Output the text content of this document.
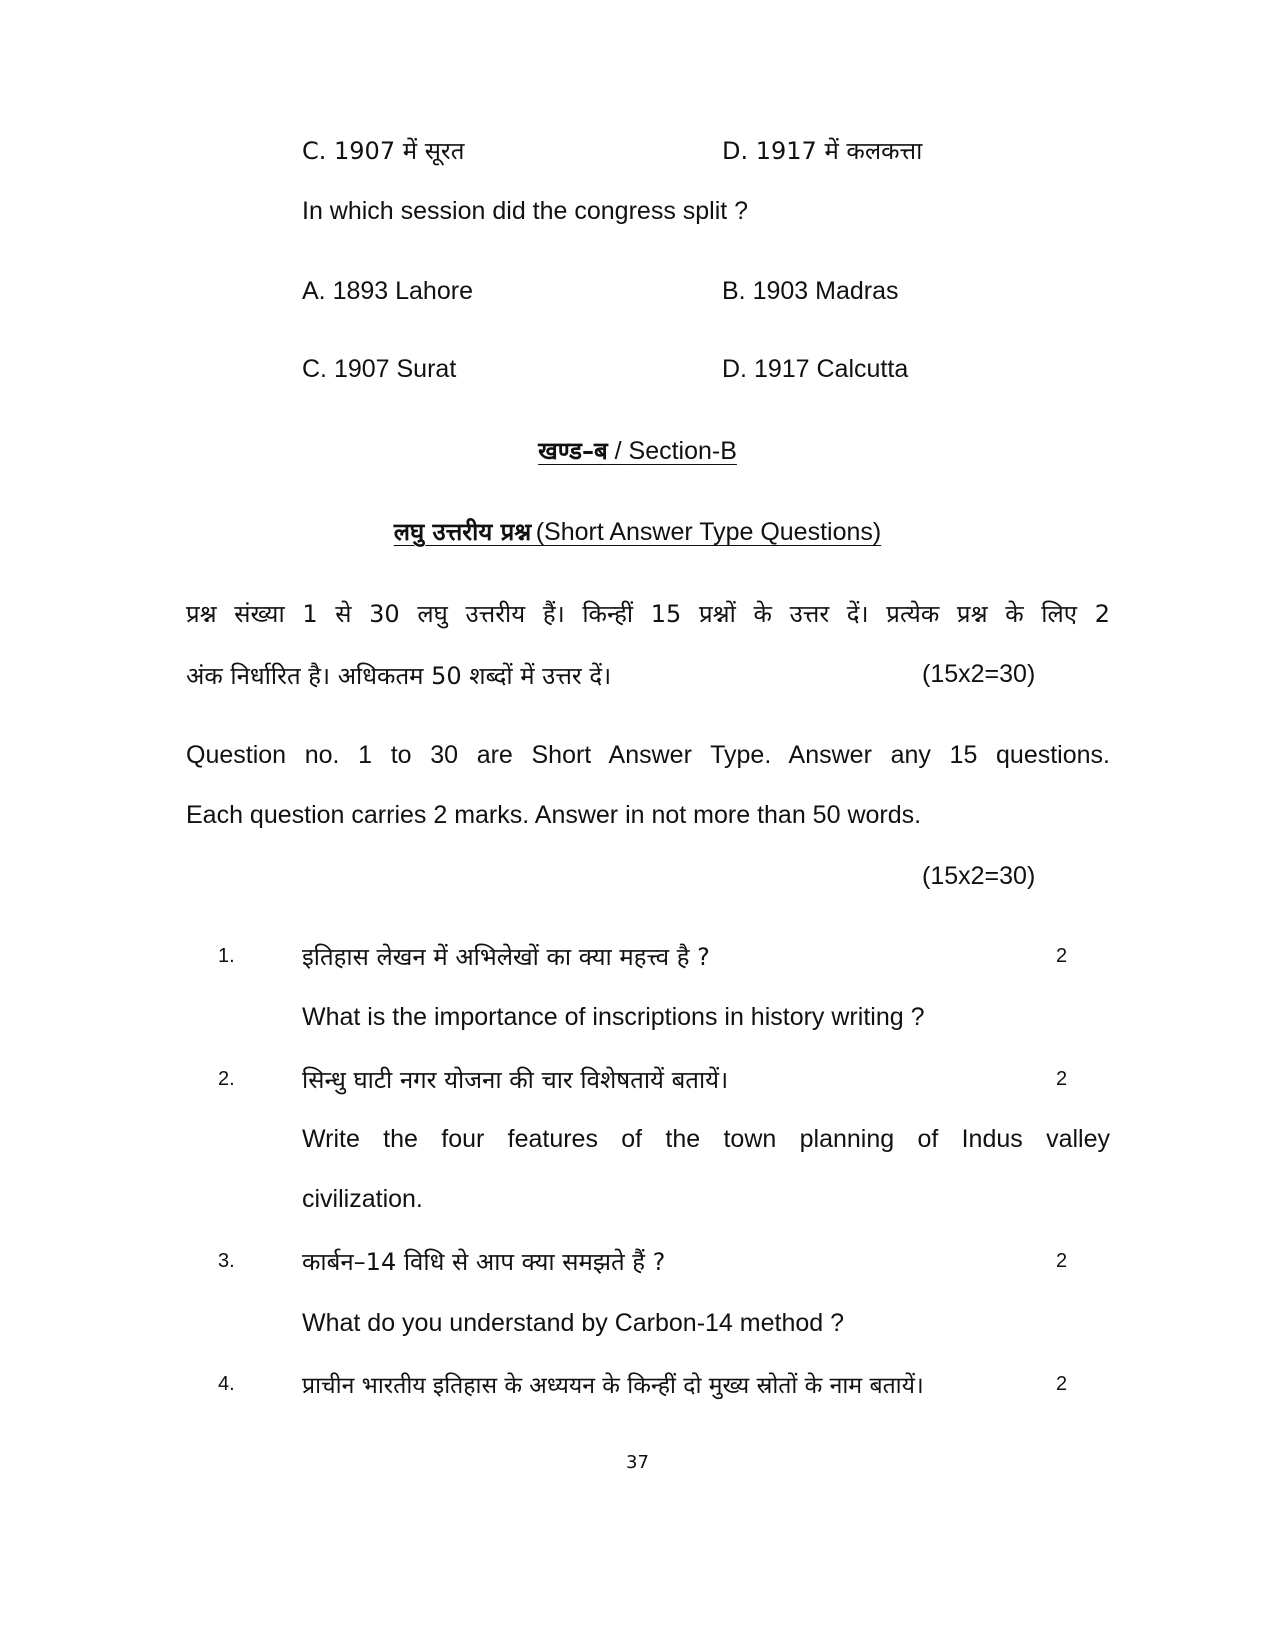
C. 1907 में सूरत	D. 1917 में कलकत्ता
In which session did the congress split ?
A. 1893 Lahore	B. 1903 Madras
C. 1907 Surat	D. 1917 Calcutta
खण्ड–ब / Section-B
लघु उत्तरीय प्रश्न (Short Answer Type Questions)
प्रश्न संख्या 1 से 30 लघु उत्तरीय हैं। किन्हीं 15 प्रश्नों के उत्तर दें। प्रत्येक प्रश्न के लिए 2
अंक निर्धारित है। अधिकतम 50 शब्दों में उत्तर दें।	(15x2=30)
Question no. 1 to 30 are Short Answer Type. Answer any 15 questions.
Each question carries 2 marks. Answer in not more than 50 words.
(15x2=30)
1.	इतिहास लेखन में अभिलेखों का क्या महत्त्व है ?	2
What is the importance of inscriptions in history writing ?
2.	सिन्धु घाटी नगर योजना की चार विशेषतायें बतायें।	2
Write the four features of the town planning of Indus valley
civilization.
3.	कार्बन–14 विधि से आप क्या समझते हैं ?	2
What do you understand by Carbon-14 method ?
4.	प्राचीन भारतीय इतिहास के अध्ययन के किन्हीं दो मुख्य स्रोतों के नाम बतायें।	2
37
